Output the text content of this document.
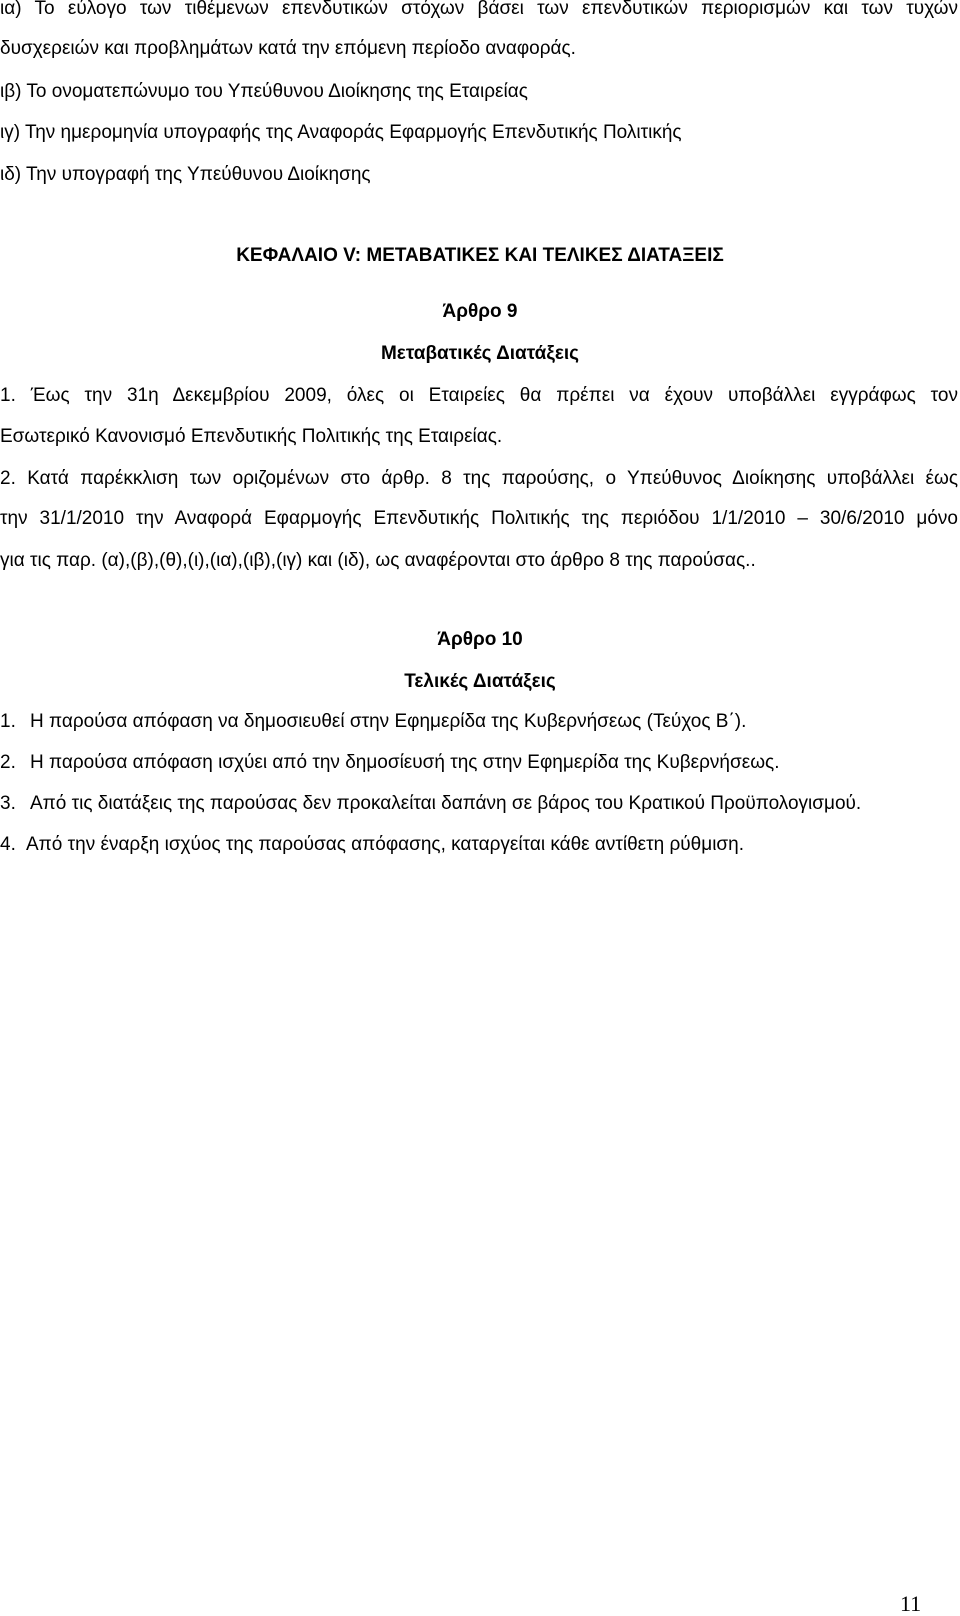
ια) Το εύλογο των τιθέμενων επενδυτικών στόχων βάσει των επενδυτικών περιορισμών και των τυχών
δυσχερειών και προβλημάτων κατά την επόμενη περίοδο αναφοράς.
ιβ) Το ονοματεπώνυμο του Υπεύθυνου Διοίκησης της Εταιρείας
ιγ) Την ημερομηνία υπογραφής της Αναφοράς Εφαρμογής Επενδυτικής Πολιτικής
ιδ) Την υπογραφή της Υπεύθυνου Διοίκησης
ΚΕΦΑΛΑΙΟ V: ΜΕΤΑΒΑΤΙΚΕΣ ΚΑΙ ΤΕΛΙΚΕΣ ΔΙΑΤΑΞΕΙΣ
Άρθρο 9
Μεταβατικές Διατάξεις
1. Έως την 31η Δεκεμβρίου 2009, όλες οι Εταιρείες θα πρέπει να έχουν υποβάλλει εγγράφως τον
Εσωτερικό Κανονισμό Επενδυτικής Πολιτικής της Εταιρείας.
2. Κατά παρέκκλιση των οριζομένων στο άρθρ. 8 της παρούσης, ο Υπεύθυνος Διοίκησης υποβάλλει έως
την 31/1/2010 την Αναφορά Εφαρμογής Επενδυτικής Πολιτικής της περιόδου 1/1/2010 – 30/6/2010 μόνο
για τις παρ. (α),(β),(θ),(ι),(ια),(ιβ),(ιγ) και (ιδ), ως αναφέρονται στο άρθρο 8 της παρούσας..
Άρθρο 10
Τελικές Διατάξεις
1. Η παρούσα απόφαση να δημοσιευθεί στην Εφημερίδα της Κυβερνήσεως (Τεύχος Β΄).
2. Η παρούσα απόφαση ισχύει από την δημοσίευσή της στην Εφημερίδα της Κυβερνήσεως.
3. Από τις διατάξεις της παρούσας δεν προκαλείται δαπάνη σε βάρος του Κρατικού Προϋπολογισμού.
4. Από την έναρξη ισχύος της παρούσας απόφασης, καταργείται κάθε αντίθετη ρύθμιση.
11
